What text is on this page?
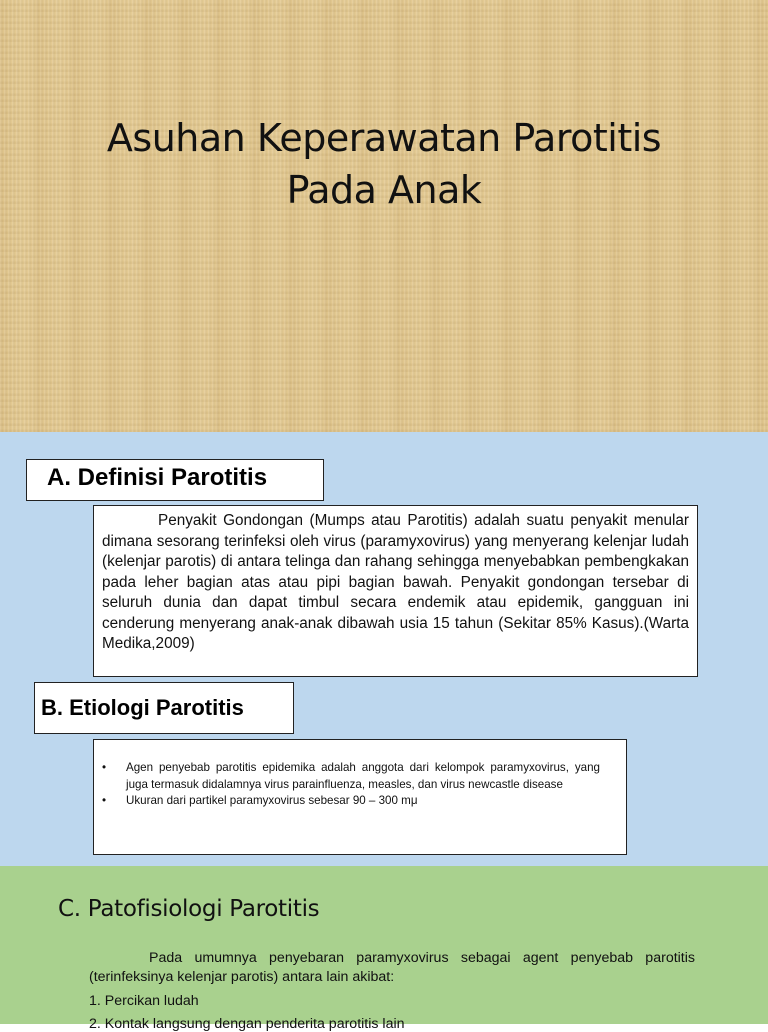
Asuhan Keperawatan Parotitis
Pada Anak
A. Definisi Parotitis

Penyakit Gondongan (Mumps atau Parotitis) adalah suatu penyakit menular dimana sesorang terinfeksi oleh virus (paramyxovirus) yang menyerang kelenjar ludah (kelenjar parotis) di antara telinga dan rahang sehingga menyebabkan pembengkakan pada leher bagian atas atau pipi bagian bawah. Penyakit gondongan tersebar di seluruh dunia dan dapat timbul secara endemik atau epidemik, gangguan ini cenderung menyerang anak-anak dibawah usia 15 tahun (Sekitar 85% Kasus).(Warta Medika,2009)

B. Etiologi Parotitis
• Agen penyebab parotitis epidemika adalah anggota dari kelompok paramyxovirus, yang juga termasuk didalamnya virus parainfluenza, measles, dan virus newcastle disease
• Ukuran dari partikel paramyxovirus sebesar 90 – 300 mμ
C. Patofisiologi Parotitis

Pada umumnya penyebaran paramyxovirus sebagai agent penyebab parotitis (terinfeksinya kelenjar parotis) antara lain akibat:

1. Percikan ludah
2. Kontak langsung dengan penderita parotitis lain
